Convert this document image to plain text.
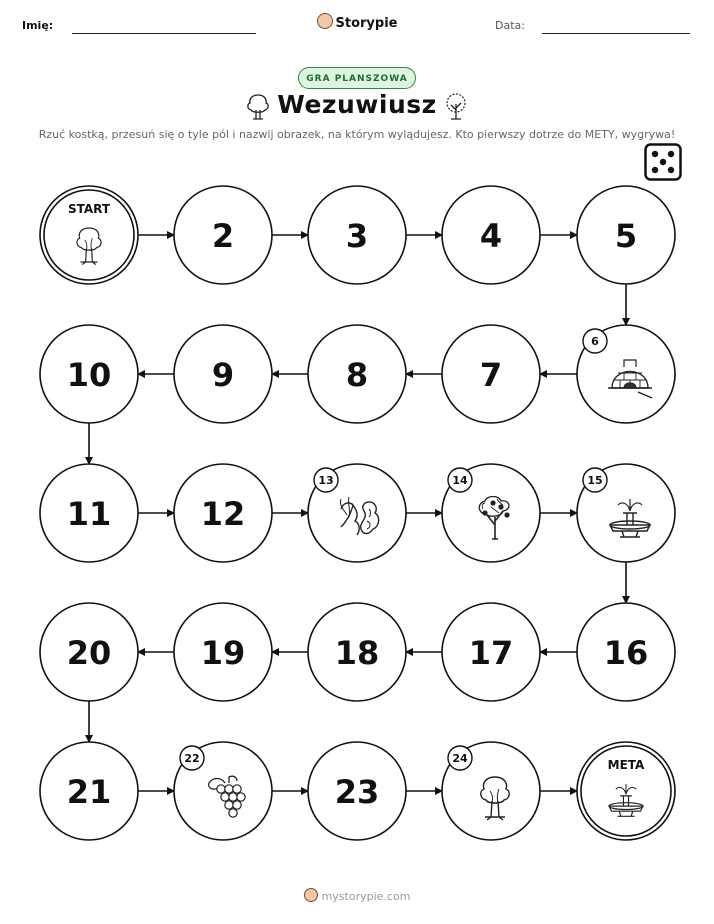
Imię:	Storypie	Data:
GRA PLANSZOWA
Wezuwiusz
Rzuć kostką, przesuń się o tyle pól i nazwij obrazek, na którym wylądujesz. Kto pierwszy dotrze do METY, wygrywa!
START
2	3	4	5
10	9	8	7
6
11	12
13	14	15
20	19	18	17	16
21
22
23
24	META
mystorypie.com
